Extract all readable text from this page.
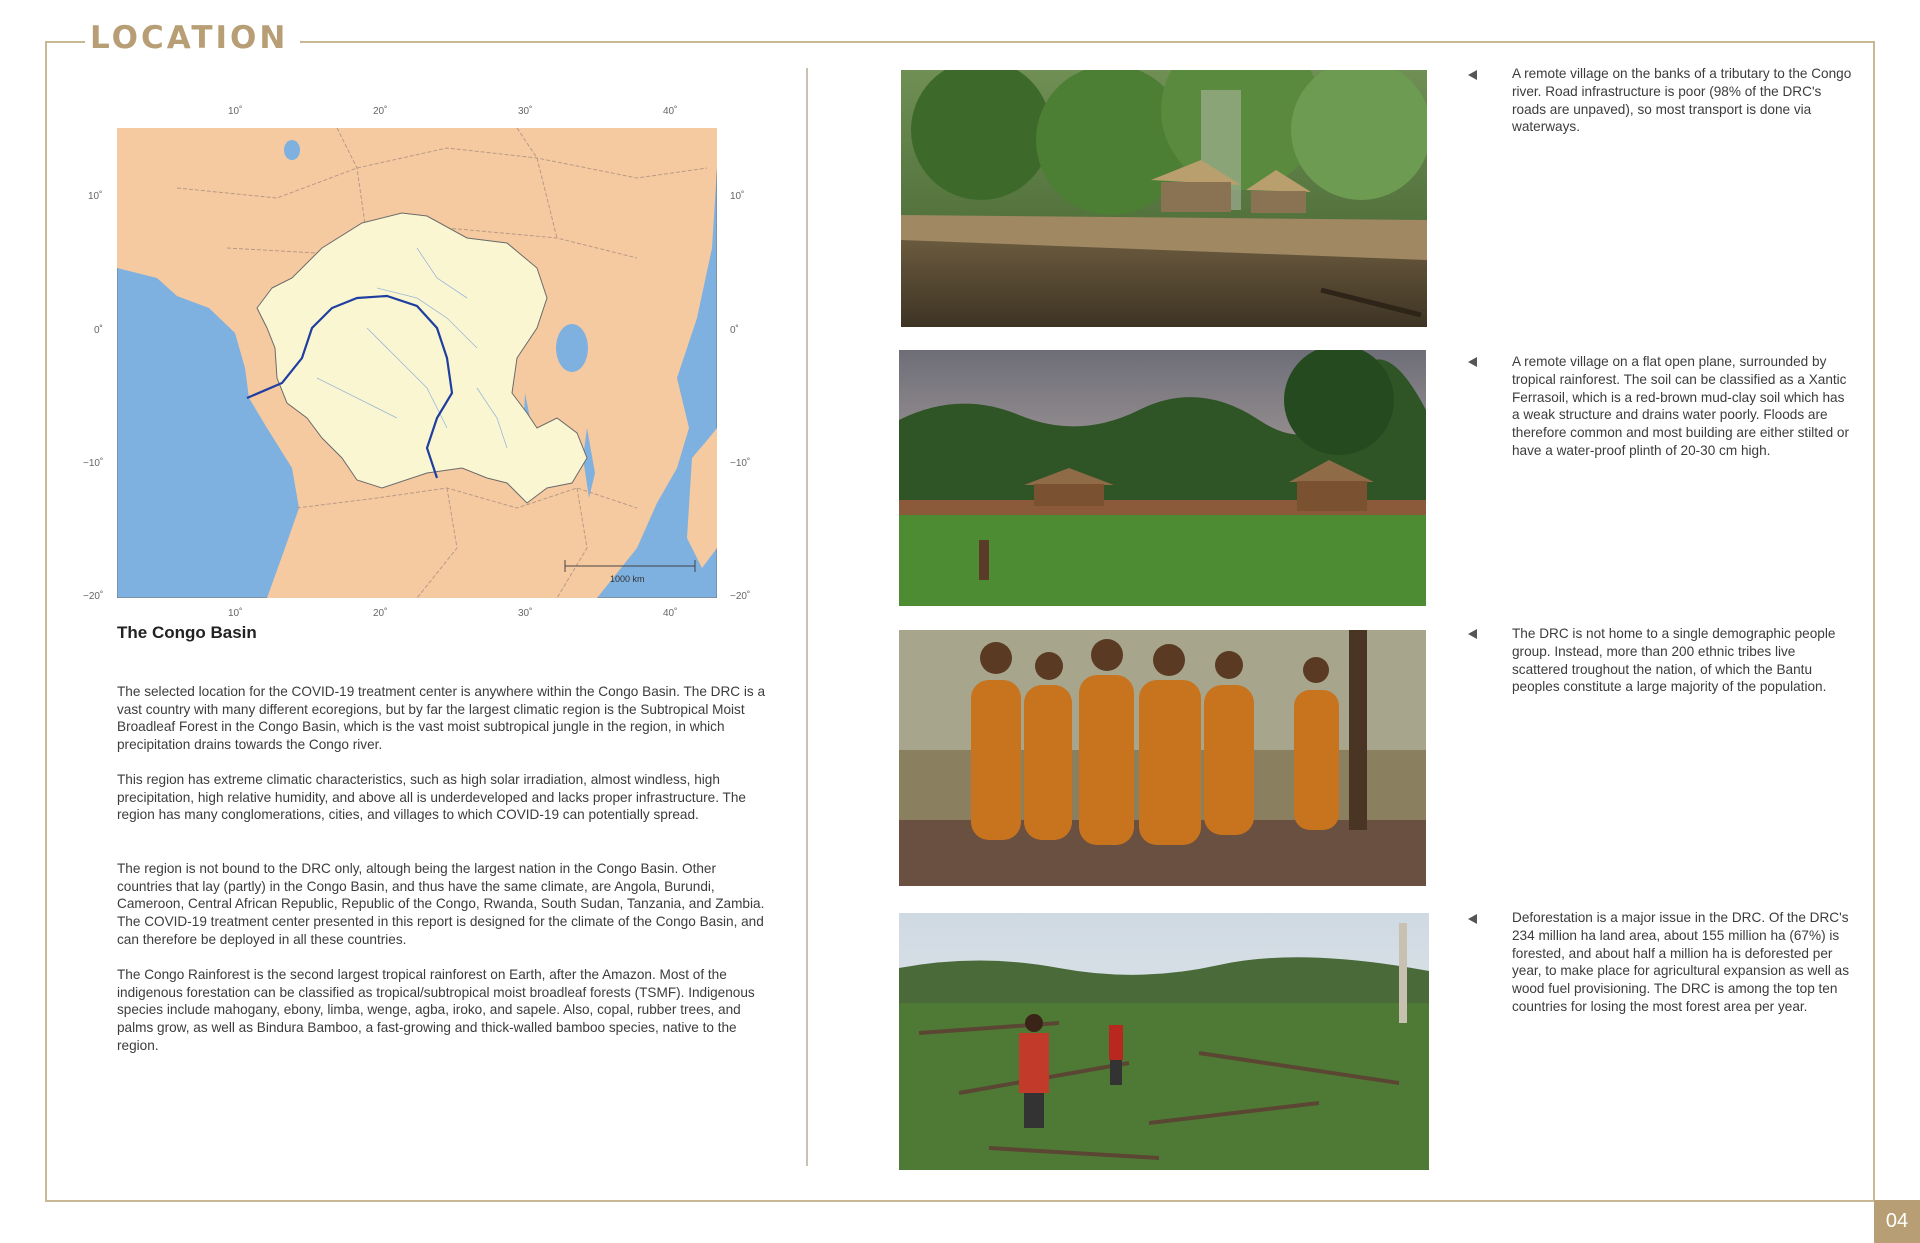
LOCATION
10˚	20˚	30˚	40˚
10˚	20˚	30˚	40˚
10˚
0˚
−10˚
−20˚
10˚
0˚
−10˚
−20˚
1000 km
The Congo Basin

The selected location for the COVID-19 treatment center is anywhere within the Congo Basin. The DRC is a vast country with many different ecoregions, but by far the largest climatic region is the Subtropical Moist Broadleaf Forest in the Congo Basin, which is the vast moist subtropical jungle in the region, in which precipitation drains towards the Congo river.

This region has extreme climatic characteristics, such as high solar irradiation, almost windless, high precipitation, high relative humidity, and above all is underdeveloped and lacks proper infrastructure. The region has many conglomerations, cities, and villages to which COVID-19 can potentially spread.

The region is not bound to the DRC only, altough being the largest nation in the Congo Basin. Other countries that lay (partly) in the Congo Basin, and thus have the same climate, are Angola, Burundi, Cameroon, Central African Republic, Republic of the Congo, Rwanda, South Sudan, Tanzania, and Zambia. The COVID-19 treatment center presented in this report is designed for the climate of the Congo Basin, and can therefore be deployed in all these countries.

The Congo Rainforest is the second largest tropical rainforest on Earth, after the Amazon. Most of the indigenous forestation can be classified as tropical/subtropical moist broadleaf forests (TSMF). Indigenous species include mahogany, ebony, limba, wenge, agba, iroko, and sapele. Also, copal, rubber trees, and palms grow, as well as Bindura Bamboo, a fast-growing and thick-walled bamboo species, native to the region.

A remote village on the banks of a tributary to the Congo river. Road infrastructure is poor (98% of the DRC's roads are unpaved), so most transport is done via waterways.
A remote village on a flat open plane, surrounded by tropical rainforest. The soil can be classified as a Xantic Ferrasoil, which is a red-brown mud-clay soil which has a weak structure and drains water poorly. Floods are therefore common and most building are either stilted or have a water-proof plinth of 20-30 cm high.
The DRC is not home to a single demographic people group. Instead, more than 200 ethnic tribes live scattered troughout the nation, of which the Bantu peoples constitute a large majority of the population.
Deforestation is a major issue in the DRC. Of the DRC's 234 million ha land area, about 155 million ha (67%) is forested, and about half a million ha is deforested per year, to make place for agricultural expansion as well as wood fuel provisioning. The DRC is among the top ten countries for losing the most forest area per year.
04
